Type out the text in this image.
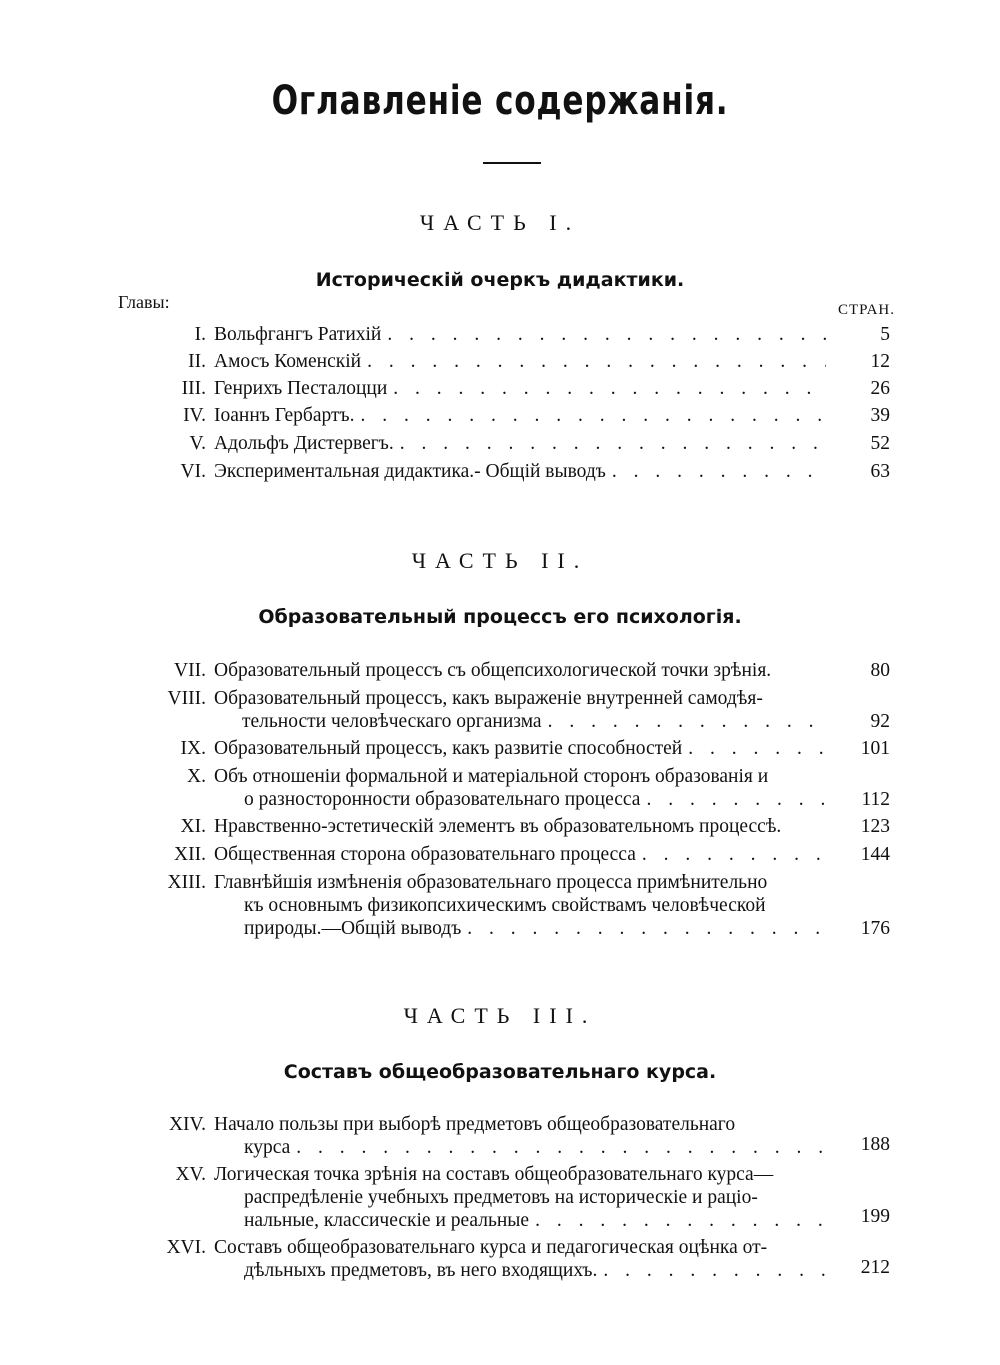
Оглавленіе содержанія.
ЧАСТЬ I.
Историческій очеркъ дидактики.
Главы:	СТРАН.
I. Вольфгангъ Ратихій . . .	5
II. Амосъ Коменскій . . .	12
III. Генрихъ Песталоцци . . .	26
IV. Іоаннъ Гербартъ. . . .	39
V. Адольфъ Дистервегъ. . . .	52
VI. Экспериментальная дидактика.- Общій выводъ . . .	63
ЧАСТЬ II.
Образовательный процессъ его психологія.
VII. Образовательный процессъ съ общепсихологической точки зрѣнія.	80
VIII. Образовательный процессъ, какъ выраженіе внутренней самодѣя-
тельности человѣческаго организма . . .	92
IX. Образовательный процессъ, какъ развитіе способностей . . .	101
X. Объ отношеніи формальной и матеріальной сторонъ образованія и
о разносторонности образовательнаго процесса . . .	112
XI. Нравственно-эстетическій элементъ въ образовательномъ процессѣ.	123
XII. Общественная сторона образовательнаго процесса . . .	144
XIII. Главнѣйшія измѣненія образовательнаго процесса примѣнительно
къ основнымъ физикопсихическимъ свойствамъ человѣческой
природы.—Общій выводъ . . .	176
ЧАСТЬ III.
Составъ общеобразовательнаго курса.
XIV. Начало пользы при выборѣ предметовъ общеобразовательнаго
курса . . .	188
XV. Логическая точка зрѣнія на составъ общеобразовательнаго курса—
распредѣленіе учебныхъ предметовъ на историческіе и раціо-
нальные, классическіе и реальные . . .	199
XVI. Составъ общеобразовательнаго курса и педагогическая оцѣнка от-
дѣльныхъ предметовъ, въ него входящихъ. . . .	212
